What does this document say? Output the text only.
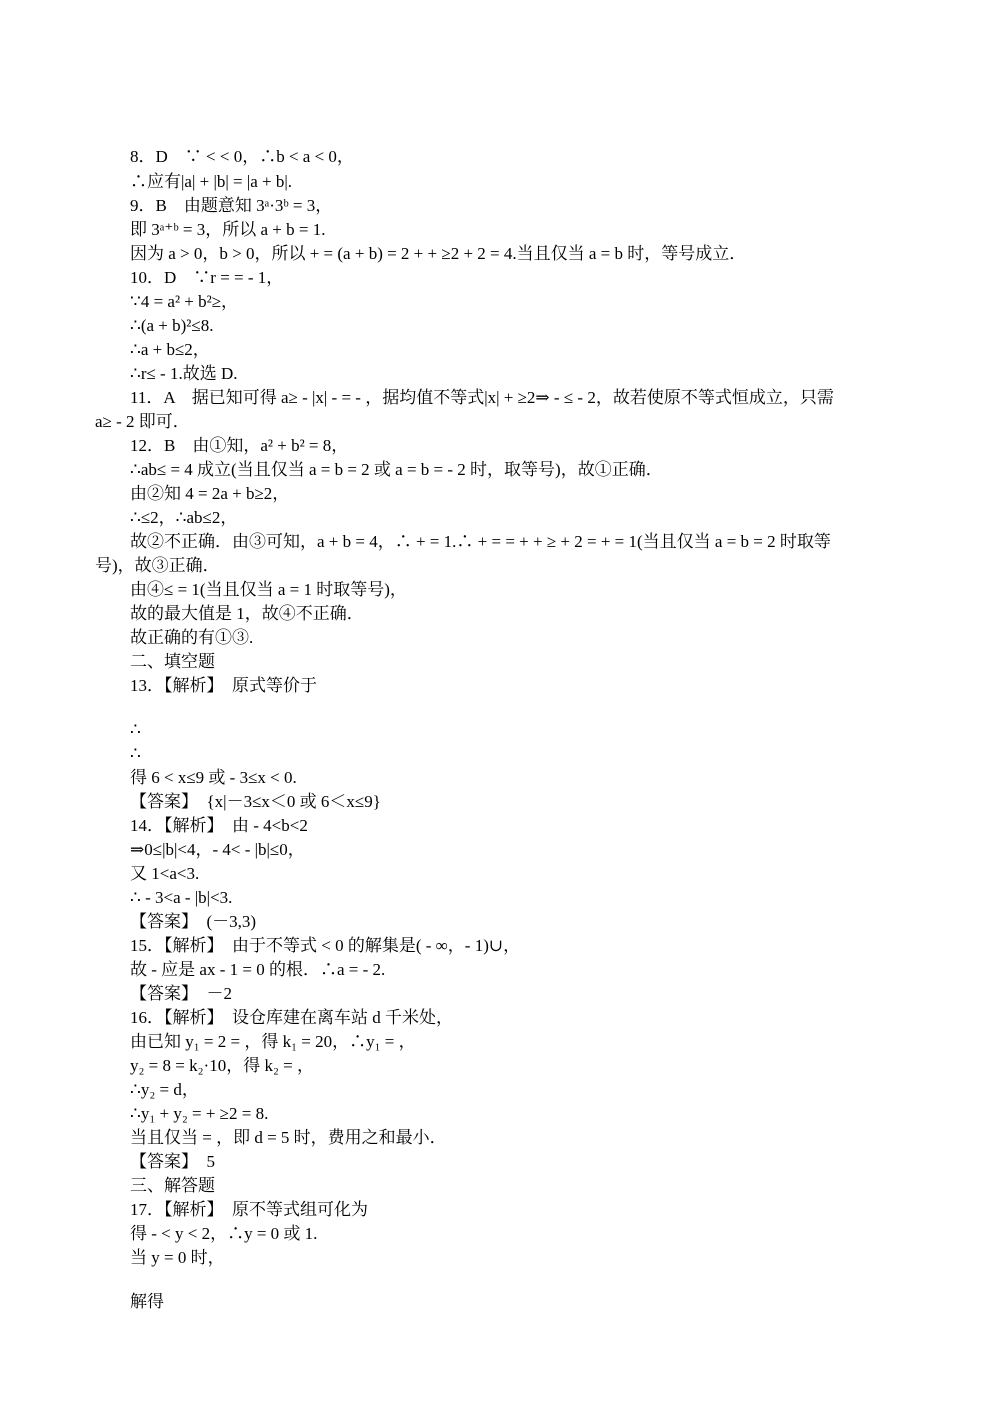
8．D　∵ < < 0，∴b < a < 0，
∴应有|a| + |b| = |a + b|.
9．B　由题意知 3ᵃ·3ᵇ = 3，
即 3ᵃ⁺ᵇ = 3，所以 a + b = 1.
因为 a > 0，b > 0，所以 + = (a + b) = 2 + + ≥2 + 2 = 4.当且仅当 a = b 时，等号成立．
10．D　∵r = = - 1，
∵4 = a² + b²≥，
∴(a + b)²≤8.
∴a + b≤2，
∴r≤ - 1.故选 D.
11．A　据已知可得 a≥ - |x| - = - ，据均值不等式|x| + ≥2⇒ - ≤ - 2，故若使原不等式恒成立，只需
a≥ - 2 即可．
12．B　由①知，a² + b² = 8，
∴ab≤ = 4 成立(当且仅当 a = b = 2 或 a = b = - 2 时，取等号)，故①正确．
由②知 4 = 2a + b≥2，
∴≤2，∴ab≤2，
故②不正确．由③可知，a + b = 4，∴ + = 1.∴ + = = + + ≥ + 2 = + = 1(当且仅当 a = b = 2 时取等
号)，故③正确．
由④≤ = 1(当且仅当 a = 1 时取等号)，
故的最大值是 1，故④不正确．
故正确的有①③.
二、填空题
13．【解析】　原式等价于
∴
∴
得 6 < x≤9 或 - 3≤x < 0.
【答案】　{x|－3≤x＜0 或 6＜x≤9}
14．【解析】　由 - 4<b<2
⇒0≤|b|<4，- 4< - |b|≤0，
又 1<a<3.
∴ - 3<a - |b|<3.
【答案】　(－3,3)
15．【解析】　由于不等式 < 0 的解集是( - ∞，- 1)∪，
故 - 应是 ax - 1 = 0 的根．∴a = - 2.
【答案】　－2
16．【解析】　设仓库建在离车站 d 千米处，
由已知 y₁ = 2 = ，得 k₁ = 20，∴y₁ = ，
y₂ = 8 = k₂·10，得 k₂ = ，
∴y₂ = d，
∴y₁ + y₂ = + ≥2 = 8.
当且仅当 = ，即 d = 5 时，费用之和最小．
【答案】　5
三、解答题
17．【解析】　原不等式组可化为
得 - < y < 2，∴y = 0 或 1.
当 y = 0 时，
解得
